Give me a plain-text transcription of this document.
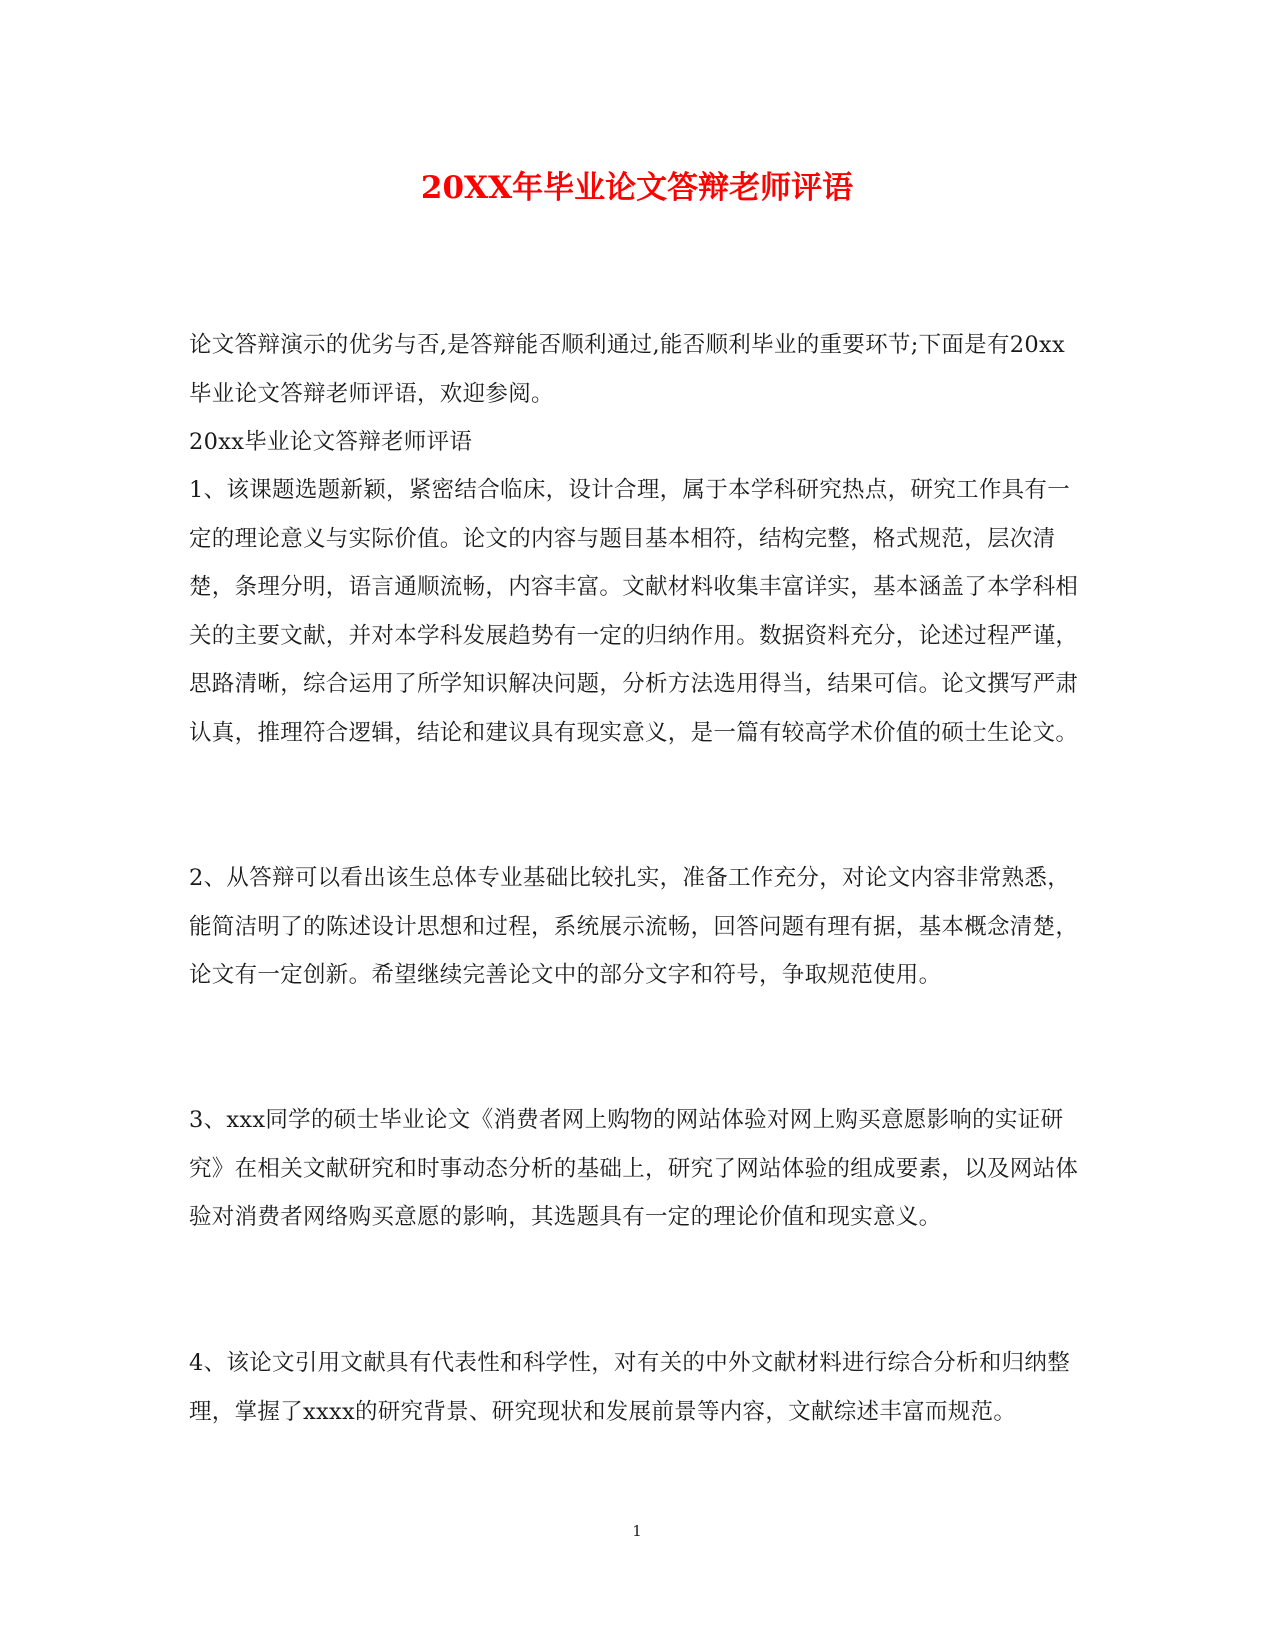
20XX年毕业论文答辩老师评语

论文答辩演示的优劣与否,是答辩能否顺利通过,能否顺利毕业的重要环节;下面是有20xx毕业论文答辩老师评语，欢迎参阅。

20xx毕业论文答辩老师评语

1、该课题选题新颖，紧密结合临床，设计合理，属于本学科研究热点，研究工作具有一定的理论意义与实际价值。论文的内容与题目基本相符，结构完整，格式规范，层次清楚，条理分明，语言通顺流畅，内容丰富。文献材料收集丰富详实，基本涵盖了本学科相关的主要文献，并对本学科发展趋势有一定的归纳作用。数据资料充分，论述过程严谨，思路清晰，综合运用了所学知识解决问题，分析方法选用得当，结果可信。论文撰写严肃认真，推理符合逻辑，结论和建议具有现实意义，是一篇有较高学术价值的硕士生论文。

2、从答辩可以看出该生总体专业基础比较扎实，准备工作充分，对论文内容非常熟悉，能简洁明了的陈述设计思想和过程，系统展示流畅，回答问题有理有据，基本概念清楚，论文有一定创新。希望继续完善论文中的部分文字和符号，争取规范使用。

3、xxx同学的硕士毕业论文《消费者网上购物的网站体验对网上购买意愿影响的实证研究》在相关文献研究和时事动态分析的基础上，研究了网站体验的组成要素，以及网站体验对消费者网络购买意愿的影响，其选题具有一定的理论价值和现实意义。

4、该论文引用文献具有代表性和科学性，对有关的中外文献材料进行综合分析和归纳整理，掌握了xxxx的研究背景、研究现状和发展前景等内容，文献综述丰富而规范。

1
